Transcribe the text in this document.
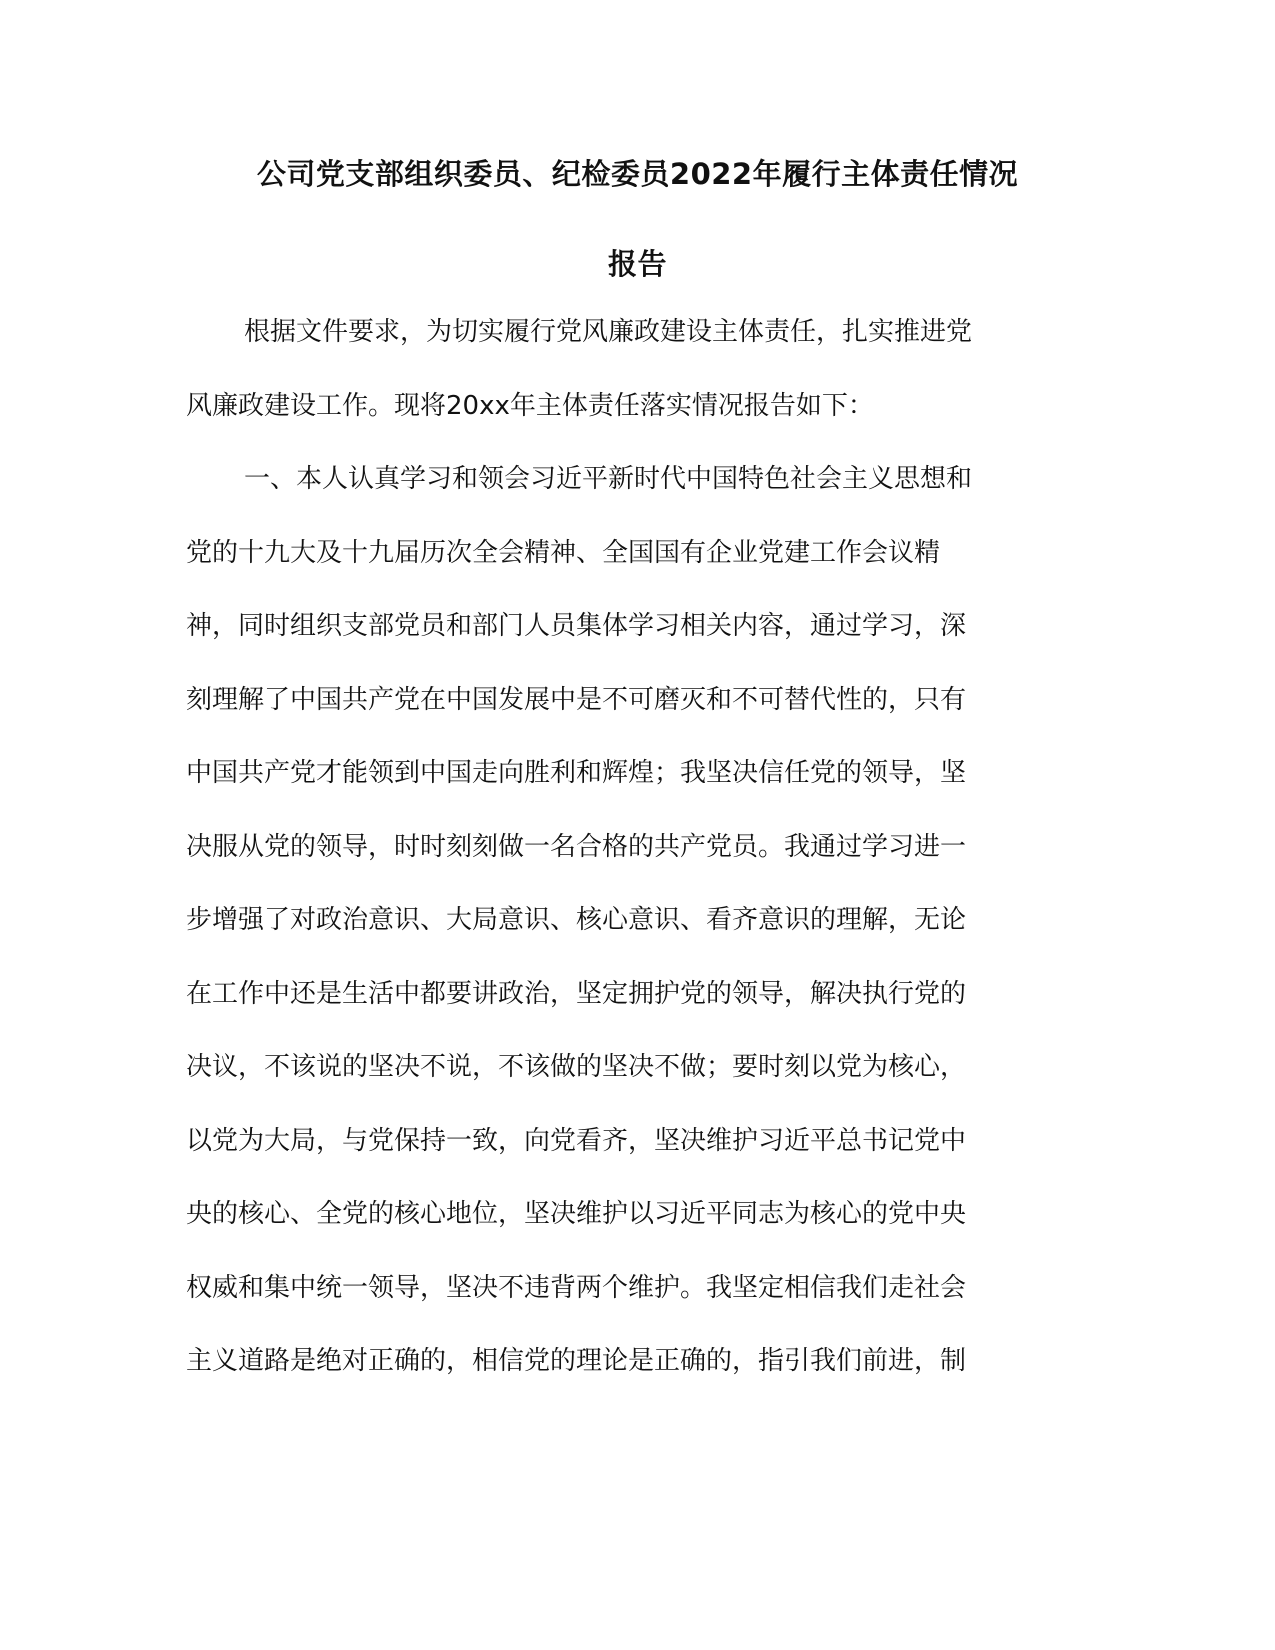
公司党支部组织委员、纪检委员2022年履行主体责任情况
报告
根据文件要求，为切实履行党风廉政建设主体责任，扎实推进党
风廉政建设工作。现将20xx年主体责任落实情况报告如下：
一、本人认真学习和领会习近平新时代中国特色社会主义思想和
党的十九大及十九届历次全会精神、全国国有企业党建工作会议精
神，同时组织支部党员和部门人员集体学习相关内容，通过学习，深
刻理解了中国共产党在中国发展中是不可磨灭和不可替代性的，只有
中国共产党才能领到中国走向胜利和辉煌；我坚决信任党的领导，坚
决服从党的领导，时时刻刻做一名合格的共产党员。我通过学习进一
步增强了对政治意识、大局意识、核心意识、看齐意识的理解，无论
在工作中还是生活中都要讲政治，坚定拥护党的领导，解决执行党的
决议，不该说的坚决不说，不该做的坚决不做；要时刻以党为核心，
以党为大局，与党保持一致，向党看齐，坚决维护习近平总书记党中
央的核心、全党的核心地位，坚决维护以习近平同志为核心的党中央
权威和集中统一领导，坚决不违背两个维护。我坚定相信我们走社会
主义道路是绝对正确的，相信党的理论是正确的，指引我们前进，制
